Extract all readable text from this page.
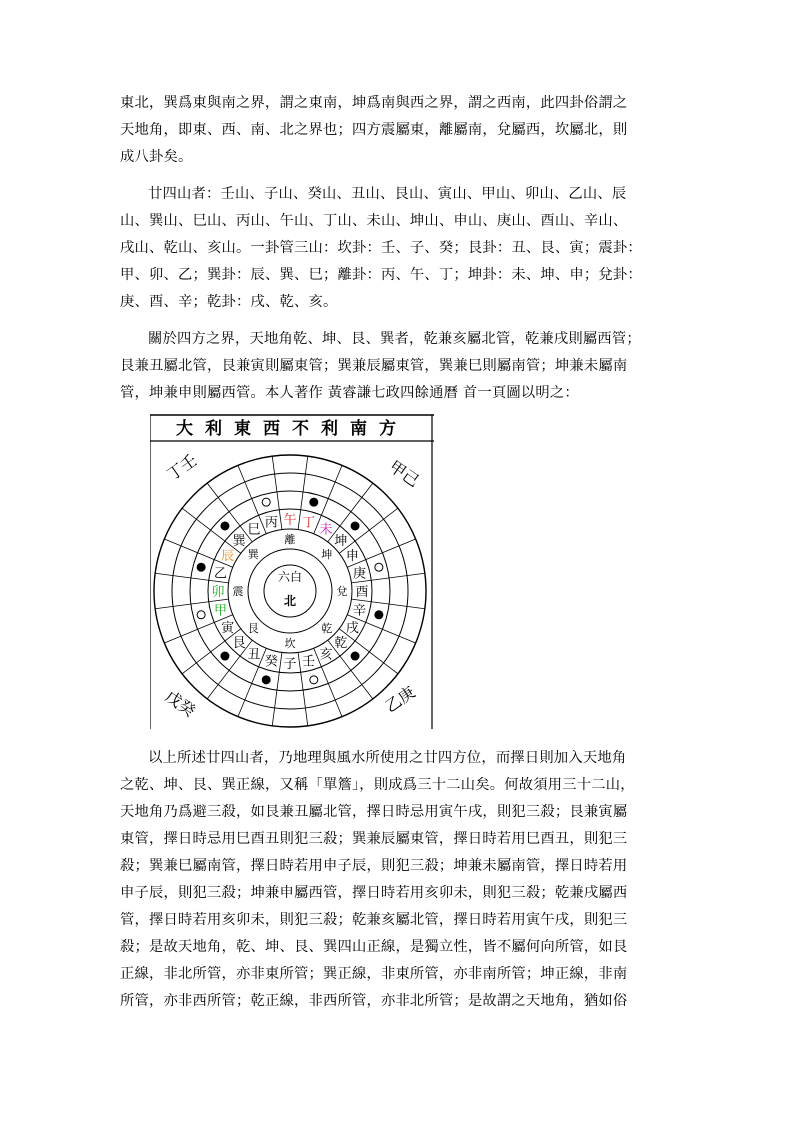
東北，巽爲東與南之界，謂之東南，坤爲南與西之界，謂之西南，此四卦俗謂之
天地角，即東、西、南、北之界也；四方震屬東，離屬南，兌屬西，坎屬北，則
成八卦矣。
廿四山者：壬山、子山、癸山、丑山、艮山、寅山、甲山、卯山、乙山、辰
山、巽山、巳山、丙山、午山、丁山、未山、坤山、申山、庚山、酉山、辛山、
戌山、乾山、亥山。一卦管三山：坎卦：壬、子、癸；艮卦：丑、艮、寅；震卦：
甲、卯、乙；巽卦：辰、巽、巳；離卦：丙、午、丁；坤卦：未、坤、申；兌卦：
庚、酉、辛；乾卦：戌、乾、亥。
關於四方之界，天地角乾、坤、艮、巽者，乾兼亥屬北管，乾兼戌則屬西管；
艮兼丑屬北管，艮兼寅則屬東管；巽兼辰屬東管，巽兼巳則屬南管；坤兼未屬南
管，坤兼申則屬西管。本人著作 黃睿謙七政四餘通曆 首一頁圖以明之：
大利東西不利南方
丁壬	甲己
戊癸	乙庚
壬
子
癸
丑
艮
寅
甲
卯
乙
辰
巽
巳 丙 午 丁 未
坤
申
庚
酉
辛
戌
乾
亥
坎
艮
震
巽
離
坤
兌
乾
六白
北
以上所述廿四山者，乃地理與風水所使用之廿四方位，而擇日則加入天地角
之乾、坤、艮、巽正線，又稱「單簷」，則成爲三十二山矣。何故須用三十二山，
天地角乃爲避三殺，如艮兼丑屬北管，擇日時忌用寅午戌，則犯三殺；艮兼寅屬
東管，擇日時忌用巳酉丑則犯三殺；巽兼辰屬東管，擇日時若用巳酉丑，則犯三
殺；巽兼巳屬南管，擇日時若用申子辰，則犯三殺；坤兼未屬南管，擇日時若用
申子辰，則犯三殺；坤兼申屬西管，擇日時若用亥卯未，則犯三殺；乾兼戌屬西
管，擇日時若用亥卯未，則犯三殺；乾兼亥屬北管，擇日時若用寅午戌，則犯三
殺；是故天地角，乾、坤、艮、巽四山正線，是獨立性，皆不屬何向所管，如艮
正線，非北所管，亦非東所管；巽正線，非東所管，亦非南所管；坤正線，非南
所管，亦非西所管；乾正線，非西所管，亦非北所管；是故謂之天地角，猶如俗
